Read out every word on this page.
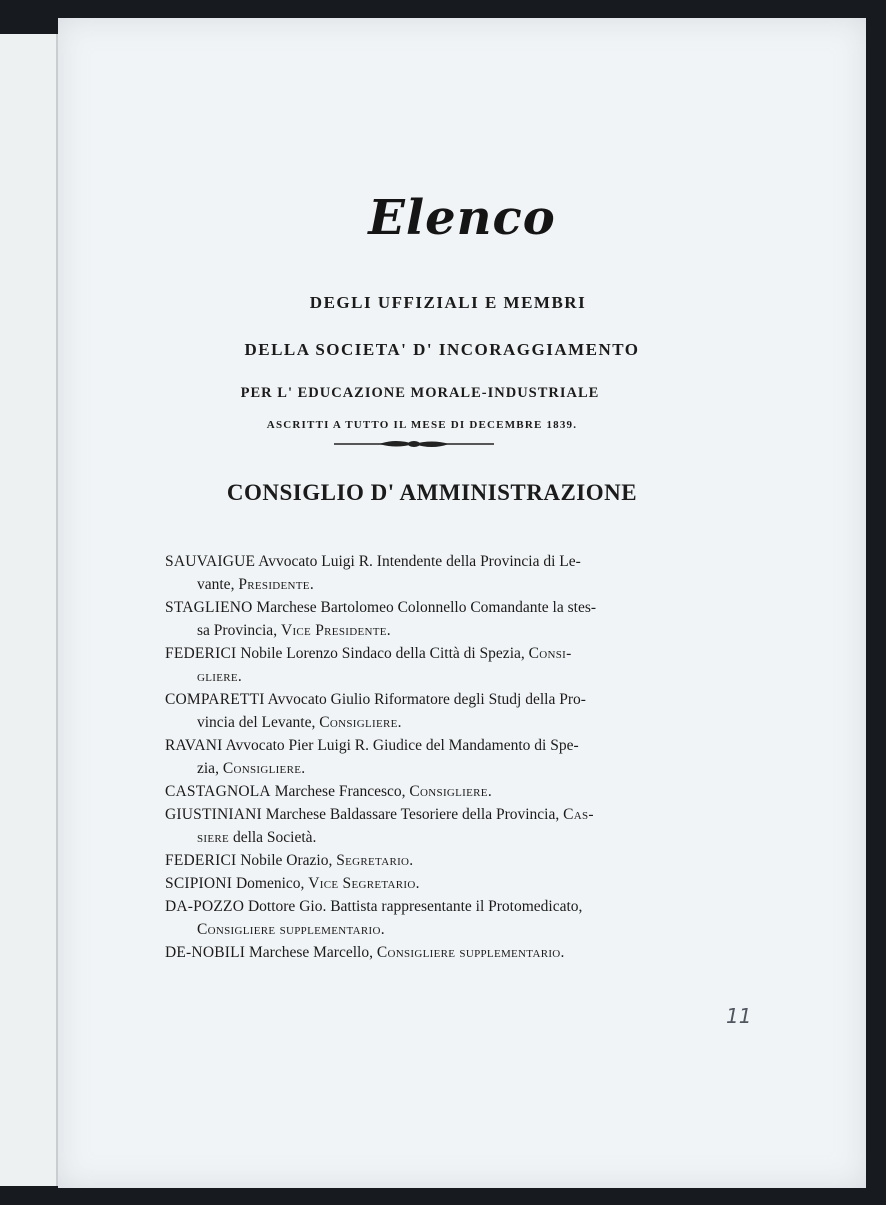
Elenco
DEGLI UFFIZIALI E MEMBRI
DELLA SOCIETA' D' INCORAGGIAMENTO
PER L' EDUCAZIONE MORALE-INDUSTRIALE
ASCRITTI A TUTTO IL MESE DI DECEMBRE 1839.
CONSIGLIO D' AMMINISTRAZIONE
SAUVAIGUE Avvocato Luigi R. Intendente della Provincia di Le-
vante, Presidente.
STAGLIENO Marchese Bartolomeo Colonnello Comandante la stes-
sa Provincia, Vice Presidente.
FEDERICI Nobile Lorenzo Sindaco della Città di Spezia, Consi-
gliere.
COMPARETTI Avvocato Giulio Riformatore degli Studj della Pro-
vincia del Levante, Consigliere.
RAVANI Avvocato Pier Luigi R. Giudice del Mandamento di Spe-
zia, Consigliere.
CASTAGNOLA Marchese Francesco, Consigliere.
GIUSTINIANI Marchese Baldassare Tesoriere della Provincia, Cas-
siere della Società.
FEDERICI Nobile Orazio, Segretario.
SCIPIONI Domenico, Vice Segretario.
DA-POZZO Dottore Gio. Battista rappresentante il Protomedicato,
Consigliere supplementario.
DE-NOBILI Marchese Marcello, Consigliere supplementario.
11
